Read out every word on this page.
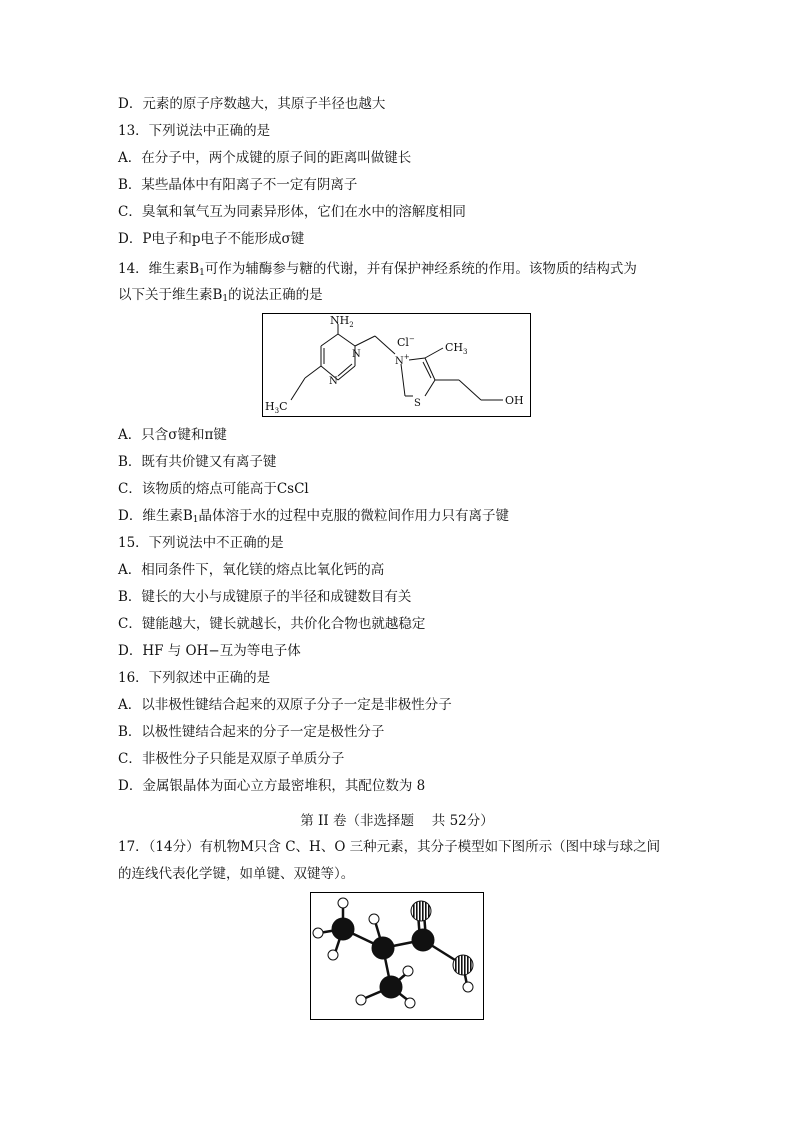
D．元素的原子序数越大，其原子半径也越大
13．下列说法中正确的是
A．在分子中，两个成键的原子间的距离叫做键长
B．某些晶体中有阳离子不一定有阴离子
C．臭氧和氧气互为同素异形体，它们在水中的溶解度相同
D．P电子和p电子不能形成σ键
14．维生素$B_1$可作为辅酶参与糖的代谢，并有保护神经系统的作用。该物质的结构式为
以下关于维生素$B_1$的说法正确的是
$NH_2$
N
N
$H_3C$
Cl−
N+
$CH_3$
S	OH
A．只含σ键和π键
B．既有共价键又有离子键
C．该物质的熔点可能高于CsCl
D．维生素$B_1$晶体溶于水的过程中克服的微粒间作用力只有离子键
15．下列说法中不正确的是
A．相同条件下，氧化镁的熔点比氧化钙的高
B．键长的大小与成键原子的半径和成键数目有关
C．键能越大，键长就越长，共价化合物也就越稳定
D．HF 与 OH−互为等电子体
16．下列叙述中正确的是
A．以非极性键结合起来的双原子分子一定是非极性分子
B．以极性键结合起来的分子一定是极性分子
C．非极性分子只能是双原子单质分子
D．金属银晶体为面心立方最密堆积，其配位数为 8
第 II 卷（非选择题　 共 52分）
17．（14分）有机物M只含 C、H、O 三种元素，其分子模型如下图所示（图中球与球之间
的连线代表化学键，如单键、双键等）。
